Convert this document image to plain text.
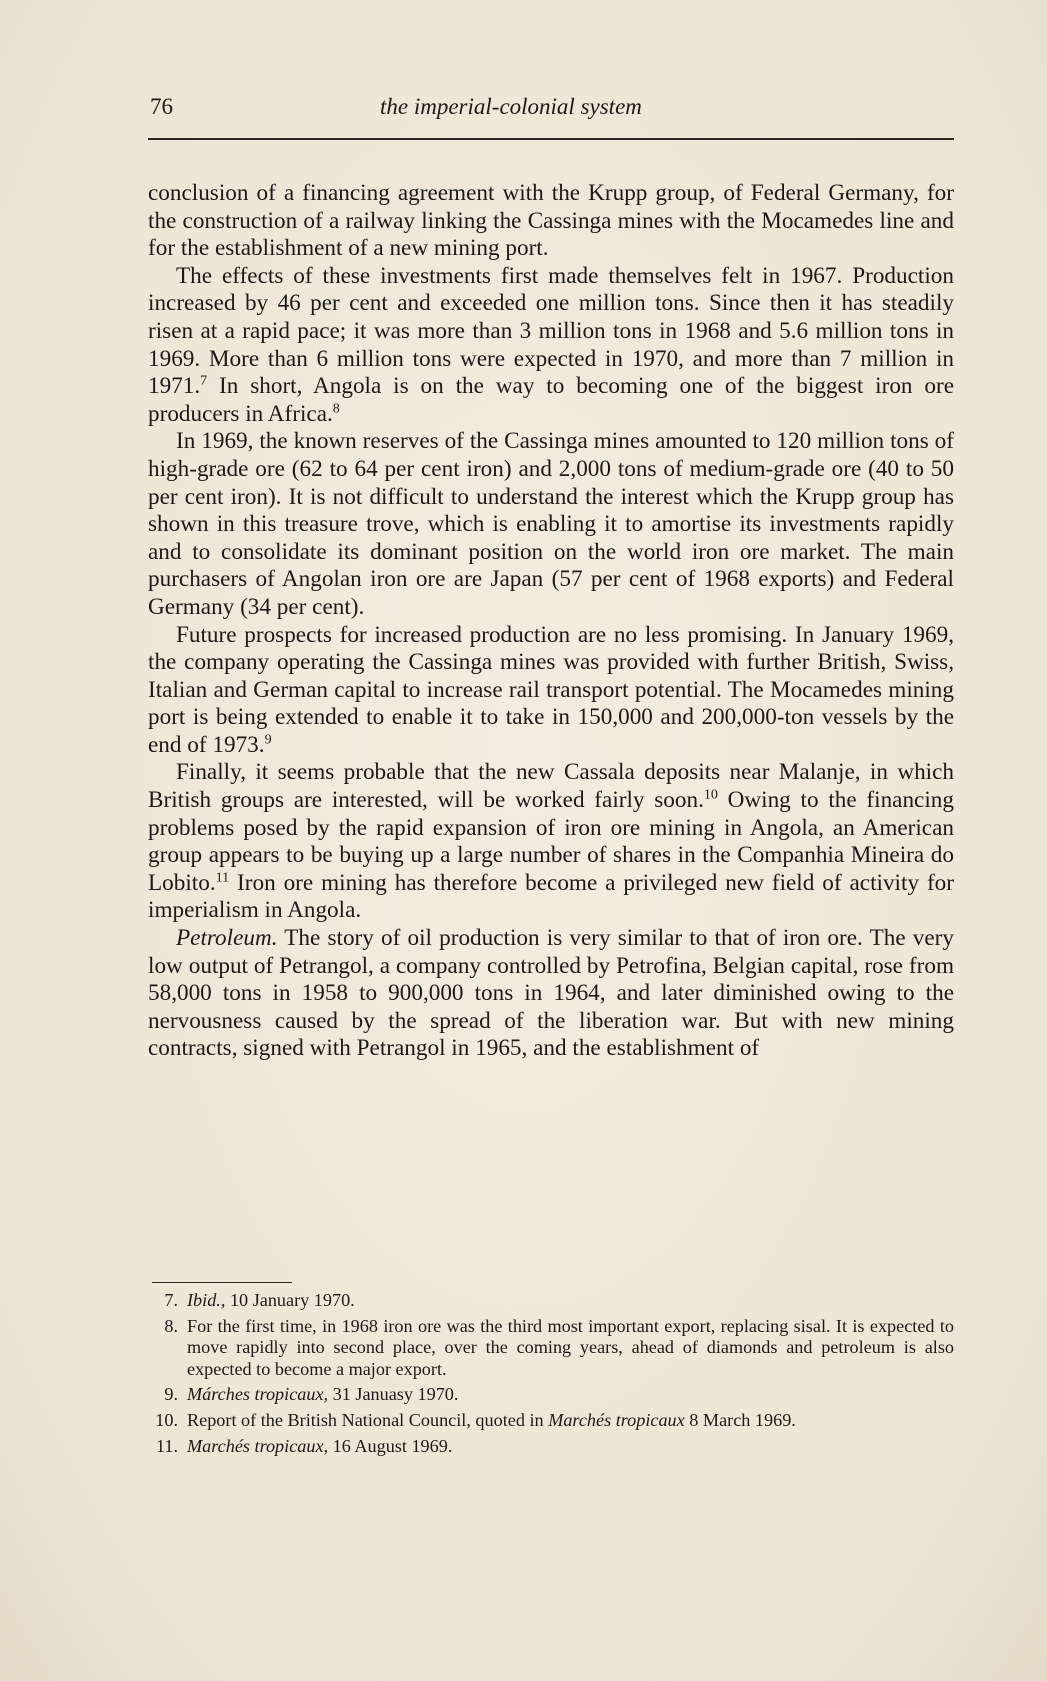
76	the imperial-colonial system

conclusion of a financing agreement with the Krupp group, of Federal Germany, for the construction of a railway linking the Cassinga mines with the Mocamedes line and for the establishment of a new mining port.

The effects of these investments first made themselves felt in 1967. Production increased by 46 per cent and exceeded one million tons. Since then it has steadily risen at a rapid pace; it was more than 3 million tons in 1968 and 5.6 million tons in 1969. More than 6 million tons were expected in 1970, and more than 7 million in 1971.$^7$ In short, Angola is on the way to becoming one of the biggest iron ore producers in Africa.$^8$

In 1969, the known reserves of the Cassinga mines amounted to 120 million tons of high-grade ore (62 to 64 per cent iron) and 2,000 tons of medium-grade ore (40 to 50 per cent iron). It is not difficult to understand the interest which the Krupp group has shown in this treasure trove, which is enabling it to amortise its investments rapidly and to consolidate its dominant position on the world iron ore market. The main purchasers of Angolan iron ore are Japan (57 per cent of 1968 exports) and Federal Germany (34 per cent).

Future prospects for increased production are no less promising. In January 1969, the company operating the Cassinga mines was provided with further British, Swiss, Italian and German capital to increase rail transport potential. The Mocamedes mining port is being extended to enable it to take in 150,000 and 200,000-ton vessels by the end of 1973.$^9$

Finally, it seems probable that the new Cassala deposits near Malanje, in which British groups are interested, will be worked fairly soon.$^{10}$ Owing to the financing problems posed by the rapid expansion of iron ore mining in Angola, an American group appears to be buying up a large number of shares in the Companhia Mineira do Lobito.$^{11}$ Iron ore mining has therefore become a privileged new field of activity for imperialism in Angola.

Petroleum. The story of oil production is very similar to that of iron ore. The very low output of Petrangol, a company controlled by Petrofina, Belgian capital, rose from 58,000 tons in 1958 to 900,000 tons in 1964, and later diminished owing to the nervousness caused by the spread of the liberation war. But with new mining contracts, signed with Petrangol in 1965, and the establishment of

7. Ibid., 10 January 1970.
8. For the first time, in 1968 iron ore was the third most important export, replacing sisal. It is expected to move rapidly into second place, over the coming years, ahead of diamonds and petroleum is also expected to become a major export.
9. Márches tropicaux, 31 Januasy 1970.
10. Report of the British National Council, quoted in Marchés tropicaux 8 March 1969.
11. Marchés tropicaux, 16 August 1969.
